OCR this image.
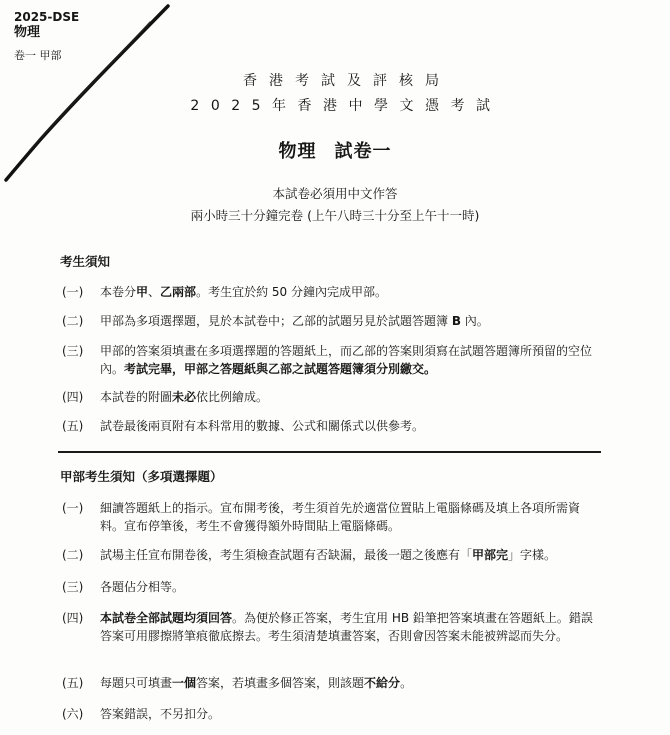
2025-DSE
物理
卷一 甲部
香港考試及評核局
2025年香港中學文憑考試
物理 試卷一
本試卷必須用中文作答
兩小時三十分鐘完卷 (上午八時三十分至上午十一時)
考生須知
(一)	本卷分甲、乙兩部。考生宜於約 50 分鐘內完成甲部。
(二)	甲部為多項選擇題，見於本試卷中；乙部的試題另見於試題答題簿 B 內。
(三)	甲部的答案須填畫在多項選擇題的答題紙上，而乙部的答案則須寫在試題答題簿所預留的空位內。考試完畢，甲部之答題紙與乙部之試題答題簿須分別繳交。
(四)	本試卷的附圖未必依比例繪成。
(五)	試卷最後兩頁附有本科常用的數據、公式和關係式以供參考。
甲部考生須知（多項選擇題）
(一)	細讀答題紙上的指示。宣布開考後，考生須首先於適當位置貼上電腦條碼及填上各項所需資料。宣布停筆後，考生不會獲得額外時間貼上電腦條碼。
(二)	試場主任宣布開卷後，考生須檢查試題有否缺漏，最後一題之後應有「甲部完」字樣。
(三)	各題佔分相等。
(四)	本試卷全部試題均須回答。為便於修正答案，考生宜用 HB 鉛筆把答案填畫在答題紙上。錯誤答案可用膠擦將筆痕徹底擦去。考生須清楚填畫答案，否則會因答案未能被辨認而失分。
(五)	每題只可填畫一個答案，若填畫多個答案，則該題不給分。
(六)	答案錯誤，不另扣分。
